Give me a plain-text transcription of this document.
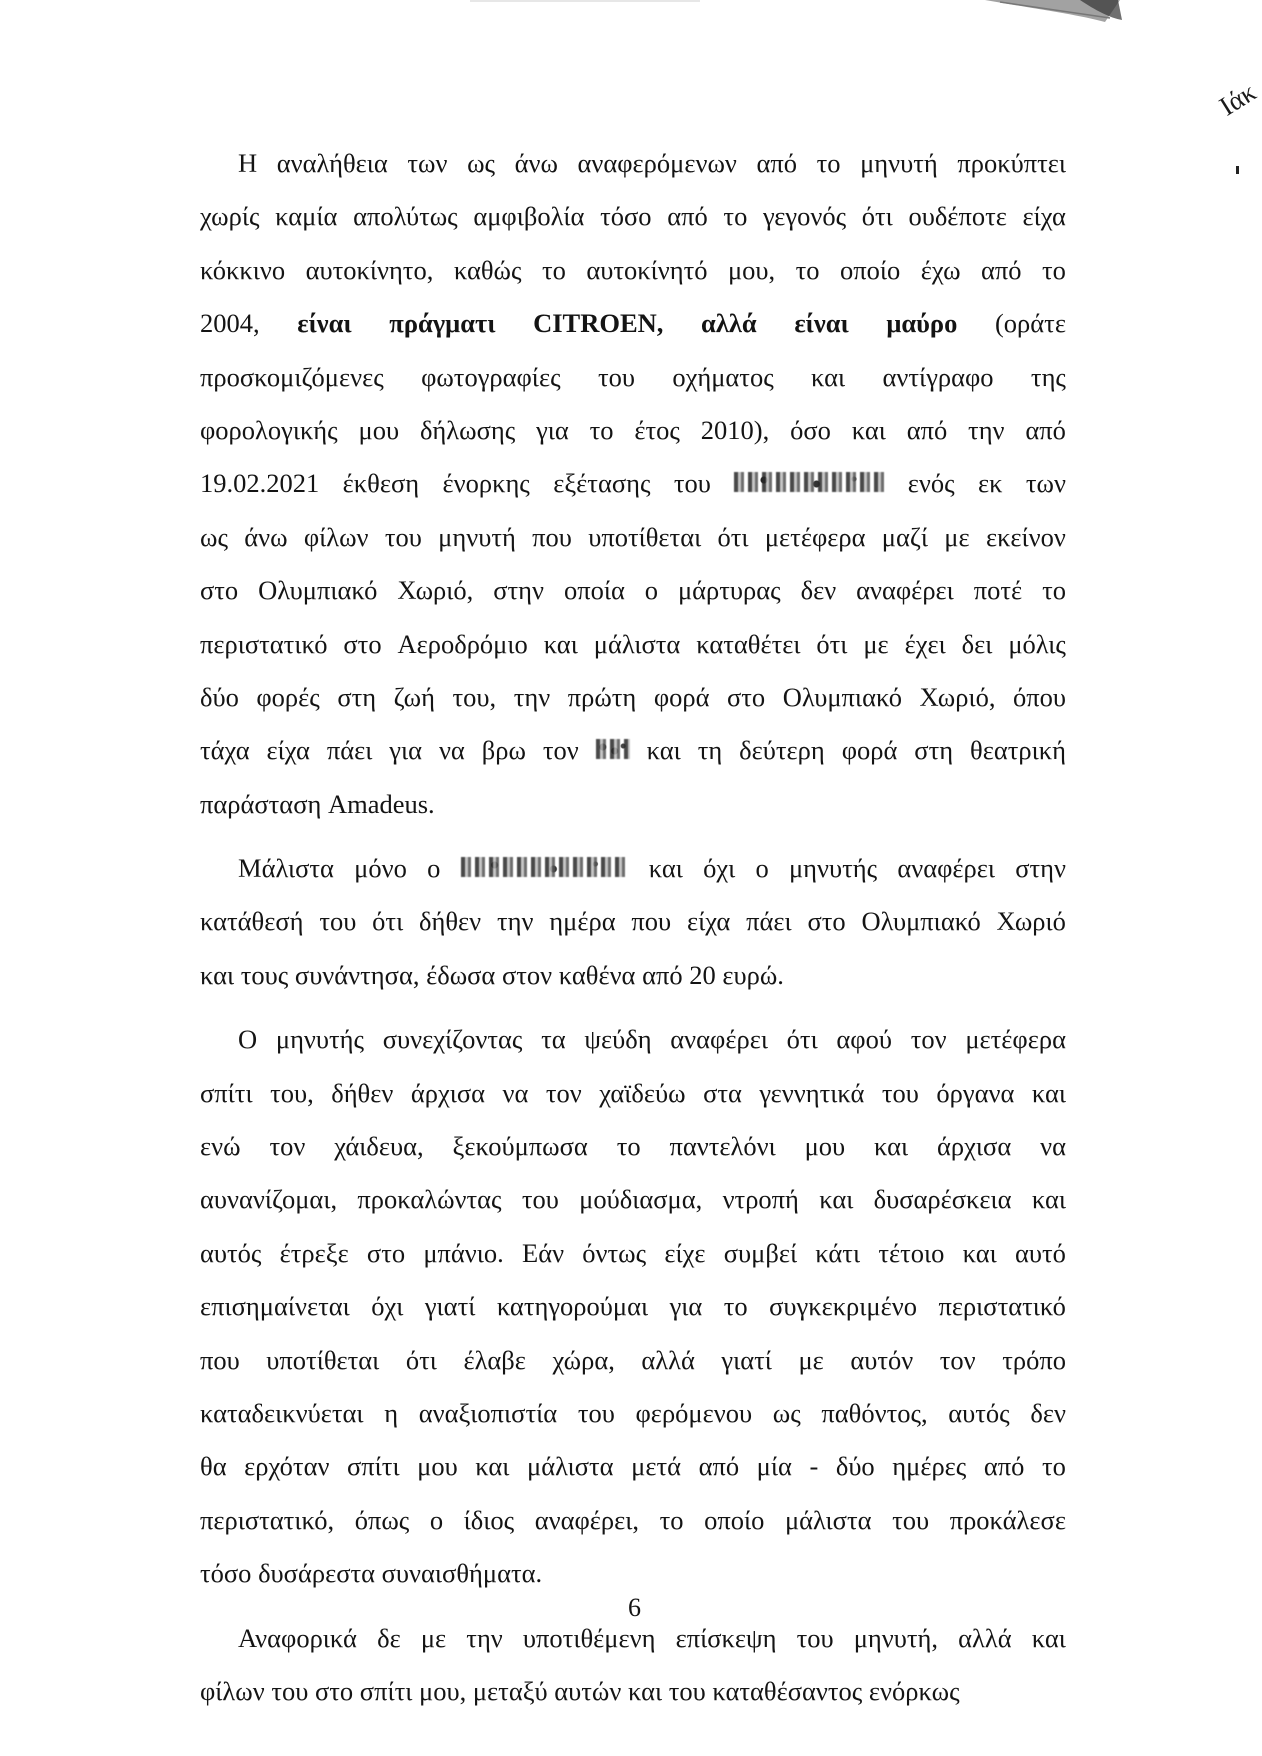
Ιάκ
Η αναλήθεια των ως άνω αναφερόμενων από το μηνυτή προκύπτει
χωρίς καμία απολύτως αμφιβολία τόσο από το γεγονός ότι ουδέποτε είχα
κόκκινο αυτοκίνητο, καθώς το αυτοκίνητό μου, το οποίο έχω από το
2004, είναι πράγματι CITROEN, αλλά είναι μαύρο (οράτε
προσκομιζόμενες φωτογραφίες του οχήματος και αντίγραφο της
φορολογικής μου δήλωσης για το έτος 2010), όσο και από την από
19.02.2021 έκθεση ένορκης εξέτασης του	ενός εκ των
ως άνω φίλων του μηνυτή που υποτίθεται ότι μετέφερα μαζί με εκείνον
στο Ολυμπιακό Χωριό, στην οποία ο μάρτυρας δεν αναφέρει ποτέ το
περιστατικό στο Αεροδρόμιο και μάλιστα καταθέτει ότι με έχει δει μόλις
δύο φορές στη ζωή του, την πρώτη φορά στο Ολυμπιακό Χωριό, όπου
τάχα είχα πάει για να βρω τον	και τη δεύτερη φορά στη θεατρική
παράσταση
Amadeus.
Μάλιστα μόνο ο	και όχι ο μηνυτής αναφέρει στην
κατάθεσή του ότι δήθεν την ημέρα που είχα πάει στο Ολυμπιακό Χωριό
και
τους
συνάντησα,
έδωσα
στον
καθένα
από
20
ευρώ.
Ο μηνυτής συνεχίζοντας τα ψεύδη αναφέρει ότι αφού τον μετέφερα
σπίτι του, δήθεν άρχισα να τον χαϊδεύω στα γεννητικά του όργανα και
ενώ τον χάιδευα, ξεκούμπωσα το παντελόνι μου και άρχισα να
αυνανίζομαι, προκαλώντας του μούδιασμα, ντροπή και δυσαρέσκεια και
αυτός έτρεξε στο μπάνιο. Εάν όντως είχε συμβεί κάτι τέτοιο και αυτό
επισημαίνεται όχι γιατί κατηγορούμαι για το συγκεκριμένο περιστατικό
που υποτίθεται ότι έλαβε χώρα, αλλά γιατί με αυτόν τον τρόπο
καταδεικνύεται η αναξιοπιστία του φερόμενου ως παθόντος, αυτός δεν
θα ερχόταν σπίτι μου και μάλιστα μετά από μία - δύο ημέρες από το
περιστατικό, όπως ο ίδιος αναφέρει, το οποίο μάλιστα του προκάλεσε
τόσο
δυσάρεστα
συναισθήματα.
Αναφορικά δε με την υποτιθέμενη επίσκεψη του μηνυτή, αλλά και
φίλων
του
στο
σπίτι
μου,
μεταξύ
αυτών
και
του
καταθέσαντος
ενόρκως
6
